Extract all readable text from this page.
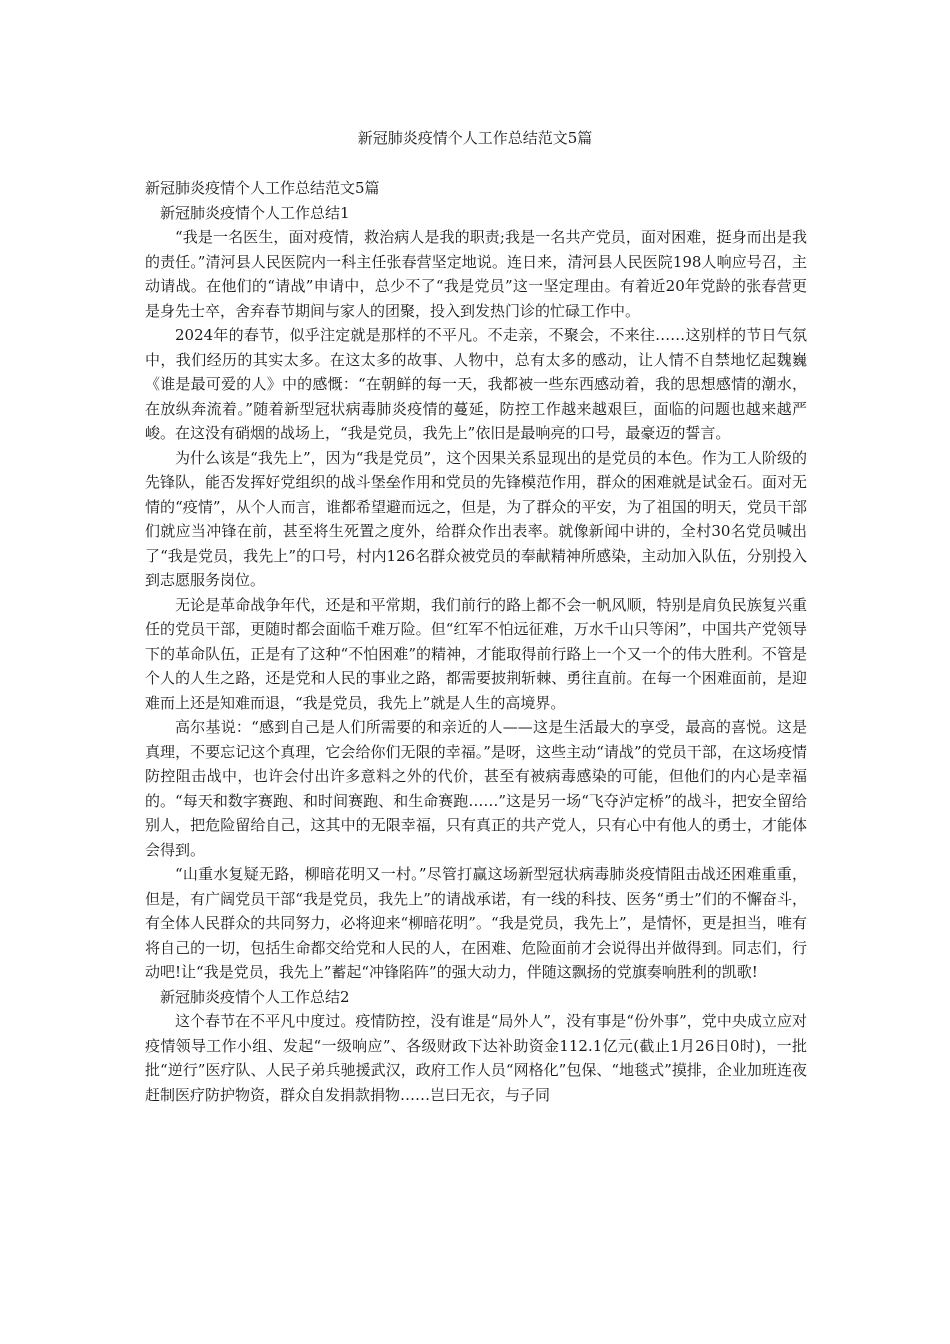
新冠肺炎疫情个人工作总结范文5篇

新冠肺炎疫情个人工作总结范文5篇

新冠肺炎疫情个人工作总结1

“我是一名医生，面对疫情，救治病人是我的职责;我是一名共产党员，面对困难，挺身而出是我的责任。”清河县人民医院内一科主任张春营坚定地说。连日来，清河县人民医院198人响应号召，主动请战。在他们的“请战”申请中，总少不了“我是党员”这一坚定理由。有着近20年党龄的张春营更是身先士卒，舍弃春节期间与家人的团聚，投入到发热门诊的忙碌工作中。

2024年的春节，似乎注定就是那样的不平凡。不走亲，不聚会，不来往……这别样的节日气氛中，我们经历的其实太多。在这太多的故事、人物中，总有太多的感动，让人情不自禁地忆起魏巍《谁是最可爱的人》中的感慨：“在朝鲜的每一天，我都被一些东西感动着，我的思想感情的潮水，在放纵奔流着。”随着新型冠状病毒肺炎疫情的蔓延，防控工作越来越艰巨，面临的问题也越来越严峻。在这没有硝烟的战场上，“我是党员，我先上”依旧是最响亮的口号，最豪迈的誓言。

为什么该是“我先上”，因为“我是党员”，这个因果关系显现出的是党员的本色。作为工人阶级的先锋队，能否发挥好党组织的战斗堡垒作用和党员的先锋模范作用，群众的困难就是试金石。面对无情的“疫情”，从个人而言，谁都希望避而远之，但是，为了群众的平安，为了祖国的明天，党员干部们就应当冲锋在前，甚至将生死置之度外，给群众作出表率。就像新闻中讲的，全村30名党员喊出了“我是党员，我先上”的口号，村内126名群众被党员的奉献精神所感染，主动加入队伍，分别投入到志愿服务岗位。

无论是革命战争年代，还是和平常期，我们前行的路上都不会一帆风顺，特别是肩负民族复兴重任的党员干部，更随时都会面临千难万险。但“红军不怕远征难，万水千山只等闲”，中国共产党领导下的革命队伍，正是有了这种“不怕困难”的精神，才能取得前行路上一个又一个的伟大胜利。不管是个人的人生之路，还是党和人民的事业之路，都需要披荆斩棘、勇往直前。在每一个困难面前，是迎难而上还是知难而退，“我是党员，我先上”就是人生的高境界。

高尔基说：“感到自己是人们所需要的和亲近的人——这是生活最大的享受，最高的喜悦。这是真理，不要忘记这个真理，它会给你们无限的幸福。”是呀，这些主动“请战”的党员干部，在这场疫情防控阻击战中，也许会付出许多意料之外的代价，甚至有被病毒感染的可能，但他们的内心是幸福的。“每天和数字赛跑、和时间赛跑、和生命赛跑……”这是另一场“飞夺泸定桥”的战斗，把安全留给别人，把危险留给自己，这其中的无限幸福，只有真正的共产党人，只有心中有他人的勇士，才能体会得到。

“山重水复疑无路，柳暗花明又一村。”尽管打赢这场新型冠状病毒肺炎疫情阻击战还困难重重，但是，有广阔党员干部“我是党员，我先上”的请战承诺，有一线的科技、医务“勇士”们的不懈奋斗，有全体人民群众的共同努力，必将迎来“柳暗花明”。“我是党员，我先上”，是情怀，更是担当，唯有将自己的一切，包括生命都交给党和人民的人，在困难、危险面前才会说得出并做得到。同志们，行动吧!让“我是党员，我先上”蓄起“冲锋陷阵”的强大动力，伴随这飘扬的党旗奏响胜利的凯歌!

新冠肺炎疫情个人工作总结2

这个春节在不平凡中度过。疫情防控，没有谁是“局外人”，没有事是“份外事”，党中央成立应对疫情领导工作小组、发起“一级响应”、各级财政下达补助资金112.1亿元(截止1月26日0时)，一批批“逆行”医疗队、人民子弟兵驰援武汉，政府工作人员“网格化”包保、“地毯式”摸排，企业加班连夜赶制医疗防护物资，群众自发捐款捐物……岂曰无衣，与子同
